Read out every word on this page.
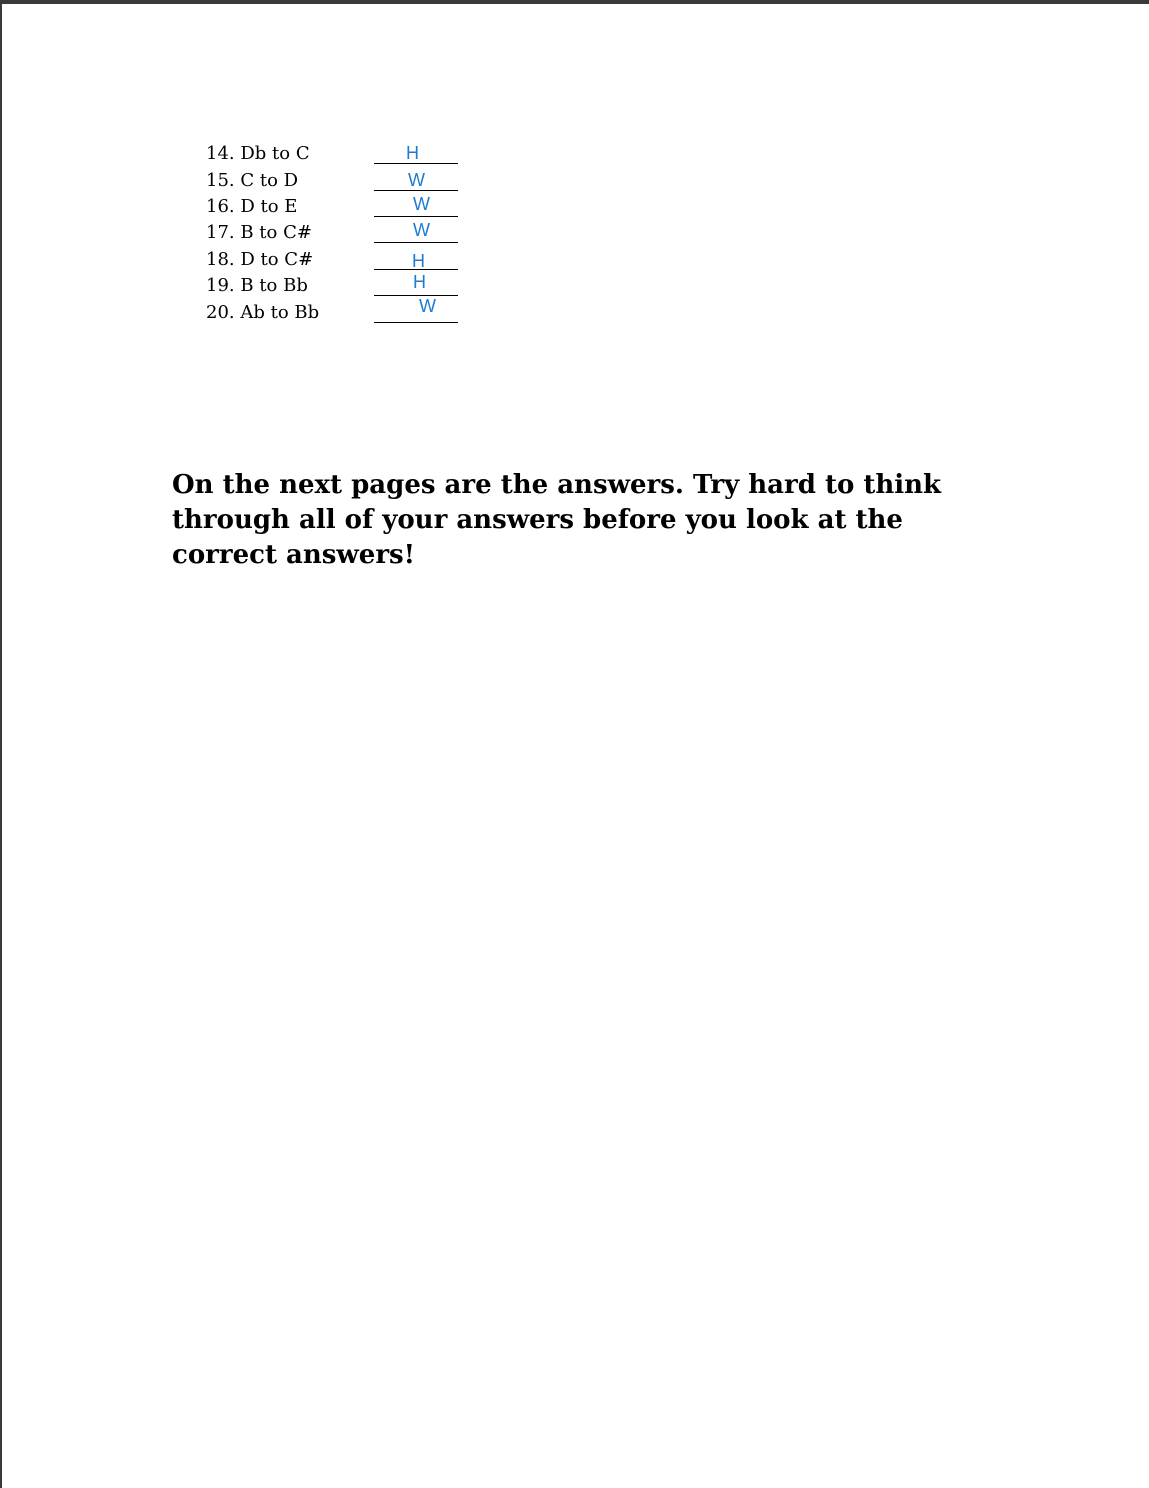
14. Db to C	H
15. C to D	W
16. D to E	W
17. B to C#	W
18. D to C#	H
19. B to Bb	H
20. Ab to Bb	W

On the next pages are the answers. Try hard to think through all of your answers before you look at the correct answers!
